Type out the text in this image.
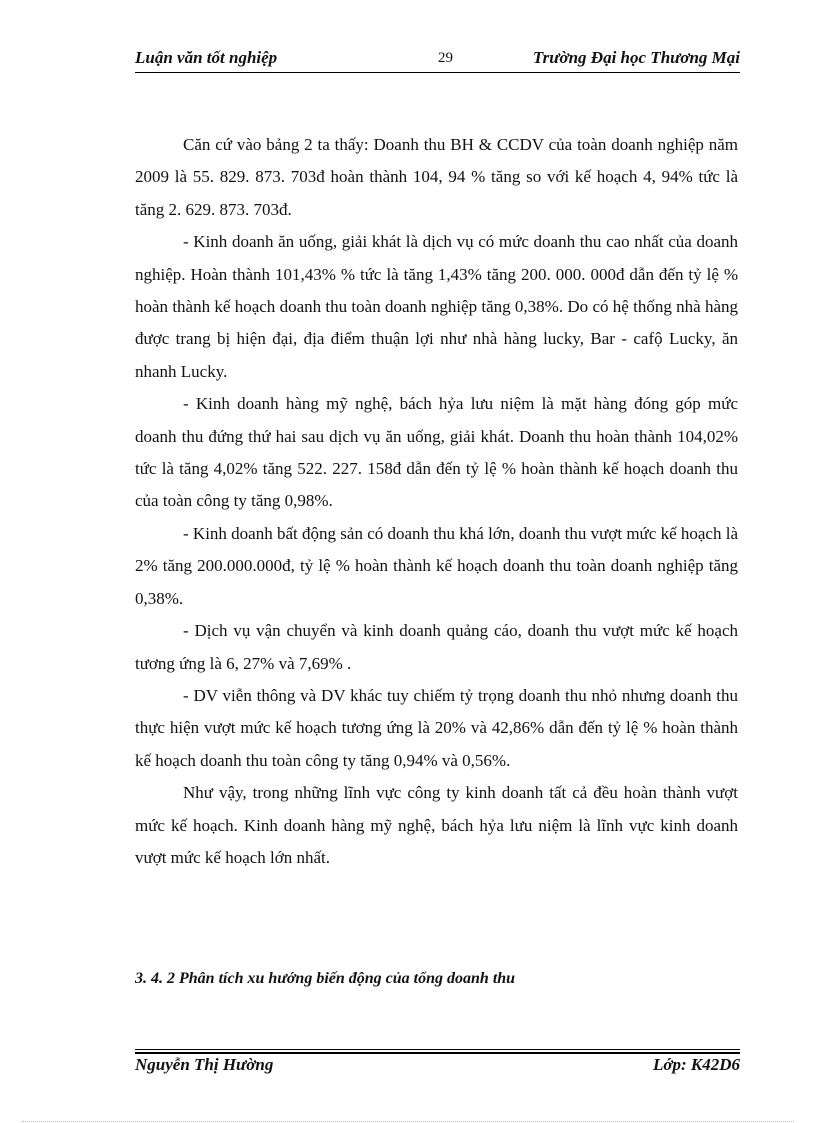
Luận văn tốt nghiệp	29	Trường Đại học Thương Mại

Căn cứ vào bảng 2 ta thấy: Doanh thu BH & CCDV của toàn doanh nghiệp năm 2009 là 55. 829. 873. 703đ hoàn thành 104, 94 % tăng so với kế hoạch 4, 94% tức là tăng 2. 629. 873. 703đ.

- Kinh doanh ăn uống, giải khát là dịch vụ có mức doanh thu cao nhất của doanh nghiệp. Hoàn thành 101,43% % tức là tăng 1,43% tăng 200. 000. 000đ dẫn đến tỷ lệ % hoàn thành kế hoạch doanh thu toàn doanh nghiệp tăng 0,38%. Do có hệ thống nhà hàng được trang bị hiện đại, địa điểm thuận lợi như nhà hàng lucky, Bar - cafộ Lucky, ăn nhanh Lucky.

- Kinh doanh hàng mỹ nghệ, bách hỷa lưu niệm là mặt hàng đóng góp mức doanh thu đứng thứ hai sau dịch vụ ăn uống, giải khát. Doanh thu hoàn thành 104,02% tức là tăng 4,02% tăng 522. 227. 158đ dẫn đến tỷ lệ % hoàn thành kế hoạch doanh thu của toàn công ty tăng 0,98%.

- Kinh doanh bất động sản có doanh thu khá lớn, doanh thu vượt mức kế hoạch là 2% tăng 200.000.000đ, tỷ lệ % hoàn thành kế hoạch doanh thu toàn doanh nghiệp tăng 0,38%.

- Dịch vụ vận chuyển và kinh doanh quảng cáo, doanh thu vượt mức kế hoạch tương ứng là 6, 27% và 7,69% .

- DV viễn thông và DV khác tuy chiếm tỷ trọng doanh thu nhỏ nhưng doanh thu thực hiện vượt mức kế hoạch tương ứng là 20% và 42,86% dẫn đến tỷ lệ % hoàn thành kế hoạch doanh thu toàn công ty tăng 0,94% và 0,56%.

Như vậy, trong những lĩnh vực công ty kinh doanh tất cả đều hoàn thành vượt mức kế hoạch. Kinh doanh hàng mỹ nghệ, bách hỷa lưu niệm là lĩnh vực kinh doanh vượt mức kế hoạch lớn nhất.

3. 4. 2 Phân tích xu hướng biến động của tổng doanh thu
Nguyễn Thị Hường	Lớp: K42D6
